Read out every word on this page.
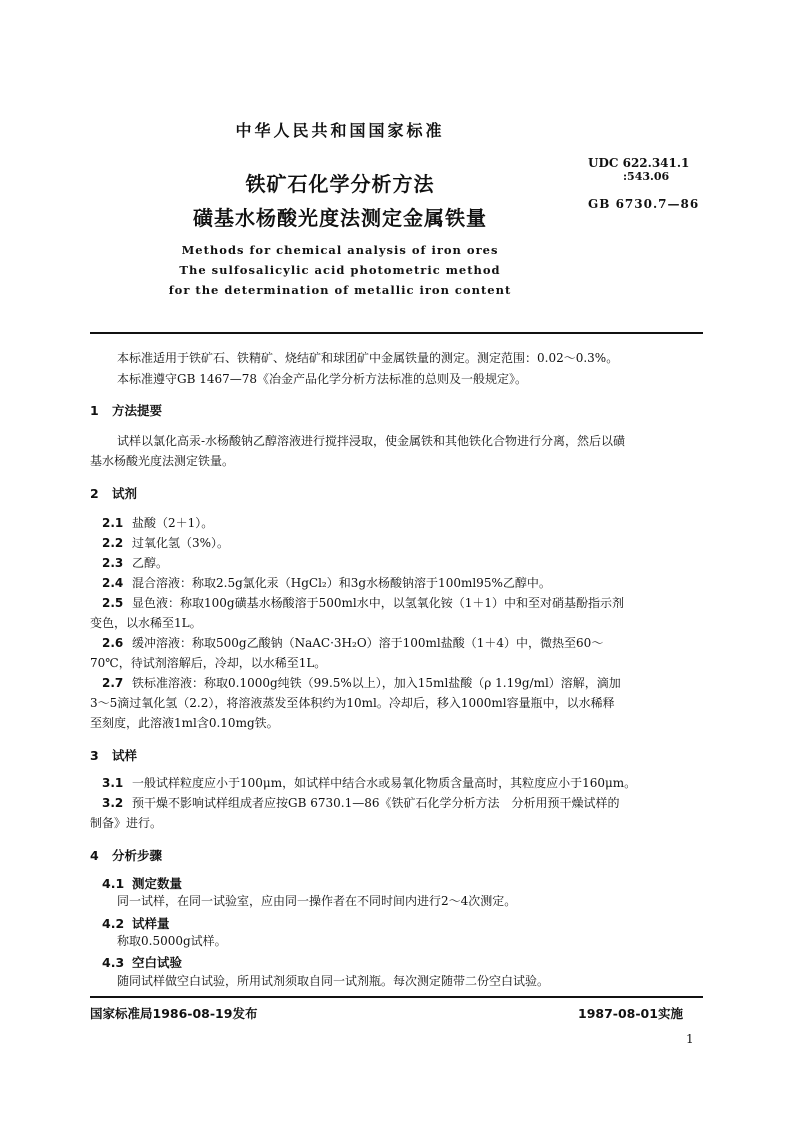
中华人民共和国国家标准
铁矿石化学分析方法
磺基水杨酸光度法测定金属铁量
Methods for chemical analysis of iron ores
The sulfosalicylic acid photometric method
for the determination of metallic iron content
UDC 622.341.1
:543.06
GB 6730.7—86
本标准适用于铁矿石、铁精矿、烧结矿和球团矿中金属铁量的测定。测定范围：0.02～0.3%。
本标准遵守GB 1467—78《冶金产品化学分析方法标准的总则及一般规定》。
1 方法提要
试样以氯化高汞-水杨酸钠乙醇溶液进行搅拌浸取，使金属铁和其他铁化合物进行分离，然后以磺
基水杨酸光度法测定铁量。
2 试剂
2.1 盐酸（2＋1）。
2.2 过氧化氢（3%）。
2.3 乙醇。
2.4 混合溶液：称取2.5g氯化汞（HgCl₂）和3g水杨酸钠溶于100ml95%乙醇中。
2.5 显色液：称取100g磺基水杨酸溶于500ml水中，以氢氧化铵（1＋1）中和至对硝基酚指示剂
变色，以水稀至1L。
2.6 缓冲溶液：称取500g乙酸钠（NaAC·3H₂O）溶于100ml盐酸（1＋4）中，微热至60～
70℃，待试剂溶解后，冷却，以水稀至1L。
2.7 铁标准溶液：称取0.1000g纯铁（99.5%以上），加入15ml盐酸（ρ 1.19g/ml）溶解，滴加
3～5滴过氧化氢（2.2），将溶液蒸发至体积约为10ml。冷却后，移入1000ml容量瓶中，以水稀释
至刻度，此溶液1ml含0.10mg铁。
3 试样
3.1 一般试样粒度应小于100μm，如试样中结合水或易氧化物质含量高时，其粒度应小于160μm。
3.2 预干燥不影响试样组成者应按GB 6730.1—86《铁矿石化学分析方法　分析用预干燥试样的
制备》进行。
4 分析步骤
4.1 测定数量
同一试样，在同一试验室，应由同一操作者在不同时间内进行2～4次测定。
4.2 试样量
称取0.5000g试样。
4.3 空白试验
随同试样做空白试验，所用试剂须取自同一试剂瓶。每次测定随带二份空白试验。
国家标准局1986-08-19发布	1987-08-01实施
1
